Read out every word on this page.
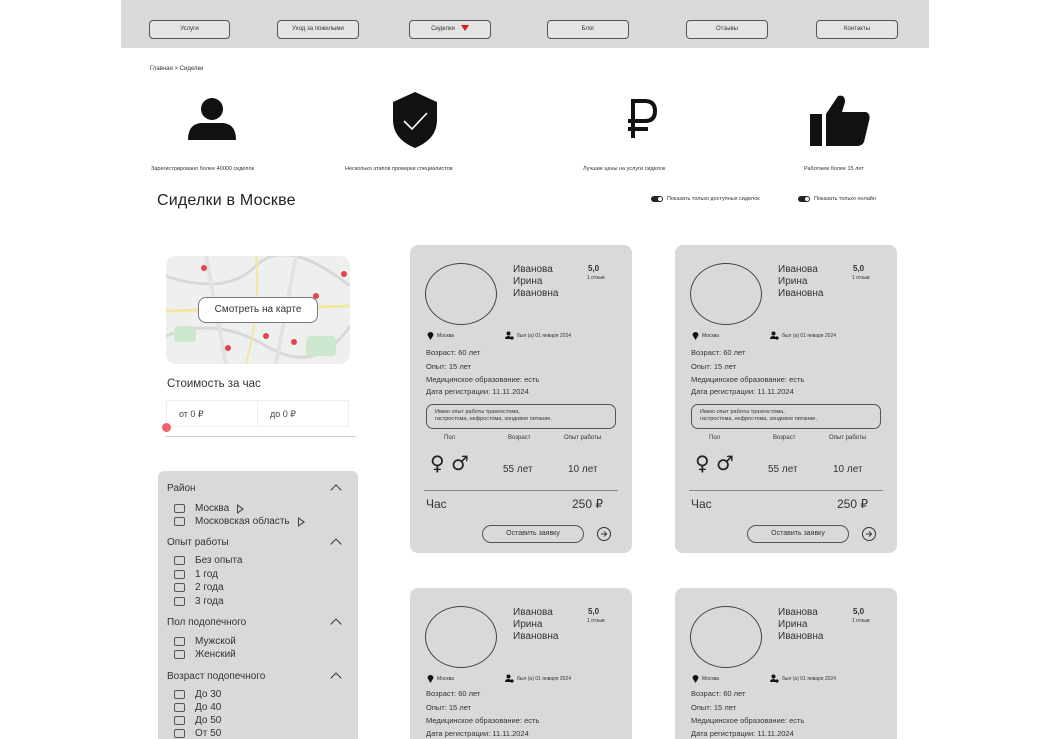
Услуги	Уход за пожилыми	Сиделки	Блог	Отзывы	Контакты
Главная > Сиделки
Зарегистрировано более 40000 сиделок	Несколько этапов проверки специалистов	Лучшие цены на услуги сиделок	Работаем более 15 лет
Сиделки в Москве	Показать только доступных сиделок	Показать только онлайн
Смотреть на карте
Стоимость за час
от 0 ₽	до 0 ₽
Район
Москва
Московская область
Опыт работы
Без опыта
1 год
2 года
3 года
Пол подопечного
Мужской
Женский
Возраст подопечного
До 30
До 40
До 50
От 50
Иванова
Ирина
Ивановна
5,0
1 отзыв
Москва	был (а) 01 января 2024
Возраст: 60 лет
Опыт: 15 лет
Медицинское образование: есть
Дата регистрации: 11.11.2024
Имею опыт работы трахеостома,
гастростома, нефростома, зондовое питание.
Пол	Возраст	Опыт работы
♀ ♂	55 лет	10 лет
Час	250 ₽
Оставить заявку
Иванова
Ирина
Ивановна
5,0
1 отзыв
Москва	был (а) 01 января 2024
Возраст: 60 лет
Опыт: 15 лет
Медицинское образование: есть
Дата регистрации: 11.11.2024
Имею опыт работы трахеостома,
гастростома, нефростома, зондовое питание.
Пол	Возраст	Опыт работы
♀ ♂	55 лет	10 лет
Час	250 ₽
Оставить заявку
Иванова
Ирина
Ивановна
5,0
1 отзыв
Москва	был (а) 01 января 2024
Возраст: 60 лет
Опыт: 15 лет
Медицинское образование: есть
Дата регистрации: 11.11.2024
Иванова
Ирина
Ивановна
5,0
1 отзыв
Москва	был (а) 01 января 2024
Возраст: 60 лет
Опыт: 15 лет
Медицинское образование: есть
Дата регистрации: 11.11.2024
